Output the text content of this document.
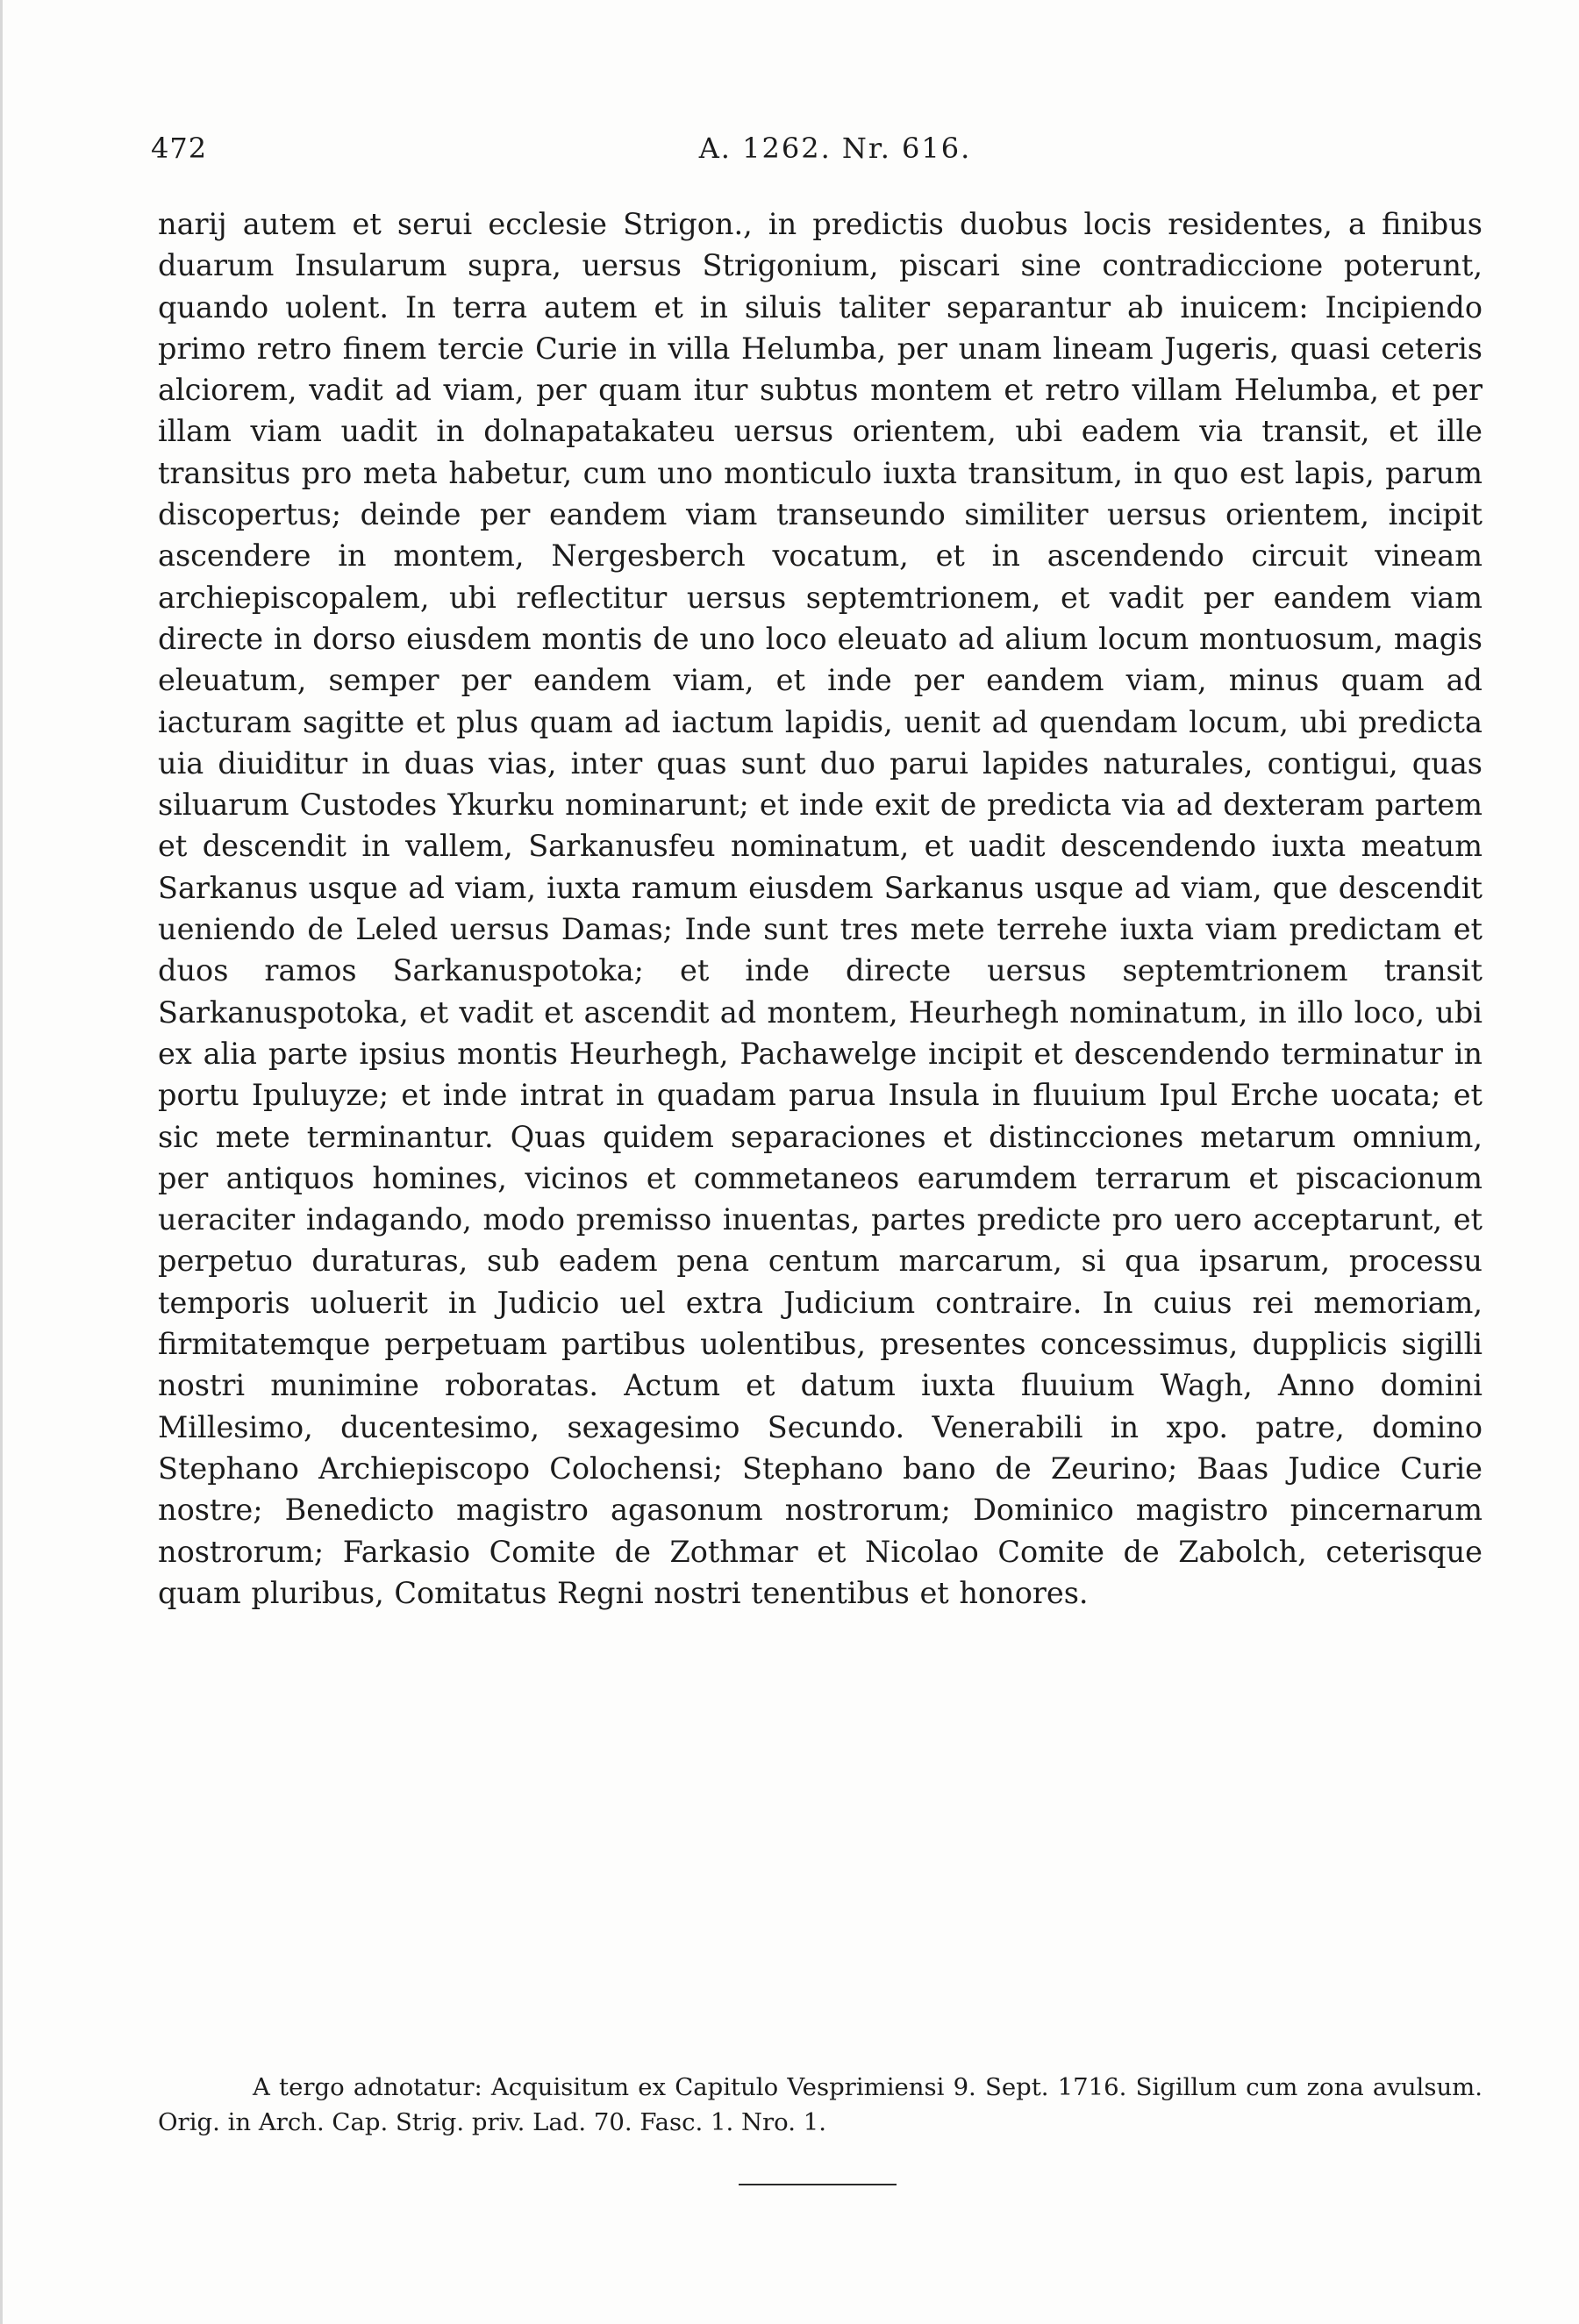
472	A. 1262. Nr. 616.

narij autem et serui ecclesie Strigon., in predictis duobus locis residentes, a finibus duarum Insularum supra, uersus Strigonium, piscari sine contradiccione poterunt, quando uolent. In terra autem et in siluis taliter separantur ab inuicem: Incipiendo primo retro finem tercie Curie in villa Helumba, per unam lineam Jugeris, quasi ceteris alciorem, vadit ad viam, per quam itur subtus montem et retro villam Helumba, et per illam viam uadit in dolnapatakateu uersus orientem, ubi eadem via transit, et ille transitus pro meta habetur, cum uno monticulo iuxta transitum, in quo est lapis, parum discopertus; deinde per eandem viam transeundo similiter uersus orientem, incipit ascendere in montem, Nergesberch vocatum, et in ascendendo circuit vineam archiepiscopalem, ubi reflectitur uersus septemtrionem, et vadit per eandem viam directe in dorso eiusdem montis de uno loco eleuato ad alium locum montuosum, magis eleuatum, semper per eandem viam, et inde per eandem viam, minus quam ad iacturam sagitte et plus quam ad iactum lapidis, uenit ad quendam locum, ubi predicta uia diuiditur in duas vias, inter quas sunt duo parui lapides naturales, contigui, quas siluarum Custodes Ykurku nominarunt; et inde exit de predicta via ad dexteram partem et descendit in vallem, Sarkanusfeu nominatum, et uadit descendendo iuxta meatum Sarkanus usque ad viam, iuxta ramum eiusdem Sarkanus usque ad viam, que descendit ueniendo de Leled uersus Damas; Inde sunt tres mete terrehe iuxta viam predictam et duos ramos Sarkanuspotoka; et inde directe uersus septemtrionem transit Sarkanuspotoka, et vadit et ascendit ad montem, Heurhegh nominatum, in illo loco, ubi ex alia parte ipsius montis Heurhegh, Pachawelge incipit et descendendo terminatur in portu Ipuluyze; et inde intrat in quadam parua Insula in fluuium Ipul Erche uocata; et sic mete terminantur. Quas quidem separaciones et distincciones metarum omnium, per antiquos homines, vicinos et commetaneos earumdem terrarum et piscacionum ueraciter indagando, modo premisso inuentas, partes predicte pro uero acceptarunt, et perpetuo duraturas, sub eadem pena centum marcarum, si qua ipsarum, processu temporis uoluerit in Judicio uel extra Judicium contraire. In cuius rei memoriam, firmitatemque perpetuam partibus uolentibus, presentes concessimus, dupplicis sigilli nostri munimine roboratas. Actum et datum iuxta fluuium Wagh, Anno domini Millesimo, ducentesimo, sexagesimo Secundo. Venerabili in xpo. patre, domino Stephano Archiepiscopo Colochensi; Stephano bano de Zeurino; Baas Judice Curie nostre; Benedicto magistro agasonum nostrorum; Dominico magistro pincernarum nostrorum; Farkasio Comite de Zothmar et Nicolao Comite de Zabolch, ceterisque quam pluribus, Comitatus Regni nostri tenentibus et honores.

A tergo adnotatur: Acquisitum ex Capitulo Vesprimiensi 9. Sept. 1716. Sigillum cum zona avulsum. Orig. in Arch. Cap. Strig. priv. Lad. 70. Fasc. 1. Nro. 1.
